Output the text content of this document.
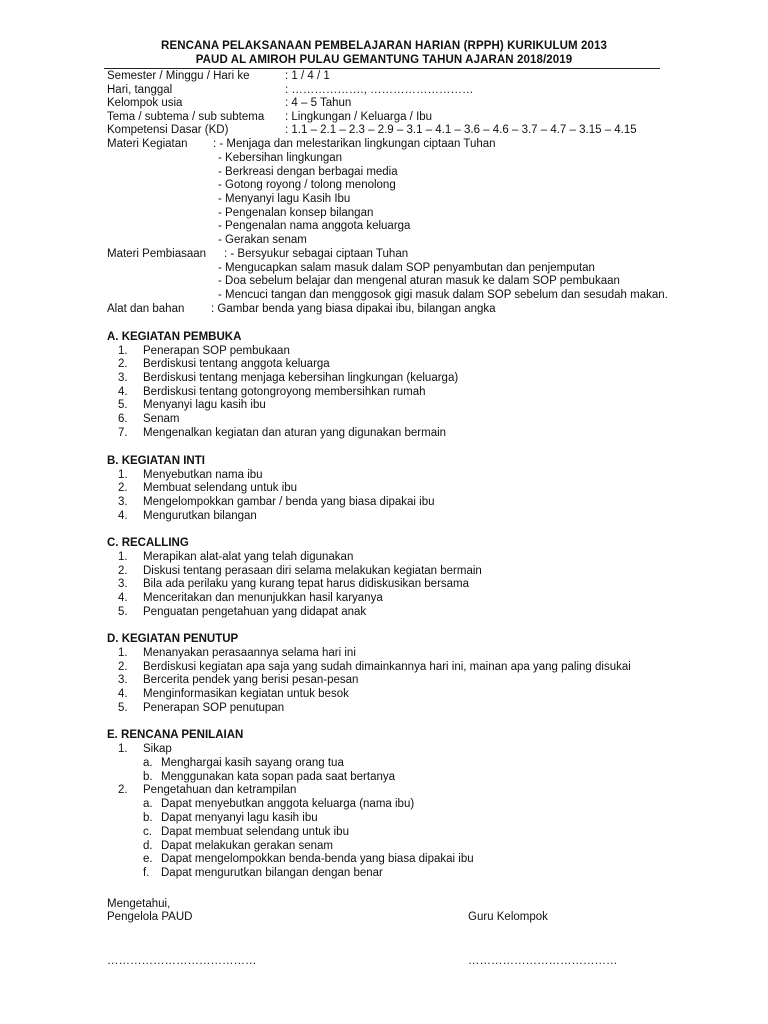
RENCANA PELAKSANAAN PEMBELAJARAN HARIAN (RPPH) KURIKULUM 2013
PAUD AL AMIROH PULAU GEMANTUNG TAHUN AJARAN 2018/2019
Semester / Minggu / Hari ke	: 1 / 4 / 1
Hari, tanggal	: ………………., ………………………
Kelompok usia	: 4 – 5 Tahun
Tema / subtema / sub subtema : Lingkungan / Keluarga / Ibu
Kompetensi Dasar (KD)	: 1.1 – 2.1 – 2.3 – 2.9 – 3.1 – 4.1 – 3.6 – 4.6 – 3.7 – 4.7 – 3.15 – 4.15
Materi Kegiatan : - Menjaga dan melestarikan lingkungan ciptaan Tuhan
- Kebersihan lingkungan
- Berkreasi dengan berbagai media
- Gotong royong / tolong menolong
- Menyanyi lagu Kasih Ibu
- Pengenalan konsep bilangan
- Pengenalan nama anggota keluarga
- Gerakan senam
Materi Pembiasaan : - Bersyukur sebagai ciptaan Tuhan
- Mengucapkan salam masuk dalam SOP penyambutan dan penjemputan
- Doa sebelum belajar dan mengenal aturan masuk ke dalam SOP pembukaan
- Mencuci tangan dan menggosok gigi masuk dalam SOP sebelum dan sesudah makan.
Alat dan bahan : Gambar benda yang biasa dipakai ibu, bilangan angka
A. KEGIATAN PEMBUKA
1. Penerapan SOP pembukaan
2. Berdiskusi tentang anggota keluarga
3. Berdiskusi tentang menjaga kebersihan lingkungan (keluarga)
4. Berdiskusi tentang gotongroyong membersihkan rumah
5. Menyanyi lagu kasih ibu
6. Senam
7. Mengenalkan kegiatan dan aturan yang digunakan bermain
B. KEGIATAN INTI
1. Menyebutkan nama ibu
2. Membuat selendang untuk ibu
3. Mengelompokkan gambar / benda yang biasa dipakai ibu
4. Mengurutkan bilangan
C. RECALLING
1. Merapikan alat-alat yang telah digunakan
2. Diskusi tentang perasaan diri selama melakukan kegiatan bermain
3. Bila ada perilaku yang kurang tepat harus didiskusikan bersama
4. Menceritakan dan menunjukkan hasil karyanya
5. Penguatan pengetahuan yang didapat anak
D. KEGIATAN PENUTUP
1. Menanyakan perasaannya selama hari ini
2. Berdiskusi kegiatan apa saja yang sudah dimainkannya hari ini, mainan apa yang paling disukai
3. Bercerita pendek yang berisi pesan-pesan
4. Menginformasikan kegiatan untuk besok
5. Penerapan SOP penutupan
E. RENCANA PENILAIAN
1. Sikap
a. Menghargai kasih sayang orang tua
b. Menggunakan kata sopan pada saat bertanya
2. Pengetahuan dan ketrampilan
a. Dapat menyebutkan anggota keluarga (nama ibu)
b. Dapat menyanyi lagu kasih ibu
c. Dapat membuat selendang untuk ibu
d. Dapat melakukan gerakan senam
e. Dapat mengelompokkan benda-benda yang biasa dipakai ibu
f. Dapat mengurutkan bilangan dengan benar
Mengetahui,
Pengelola PAUD	Guru Kelompok
…………………………………	…………………………………
